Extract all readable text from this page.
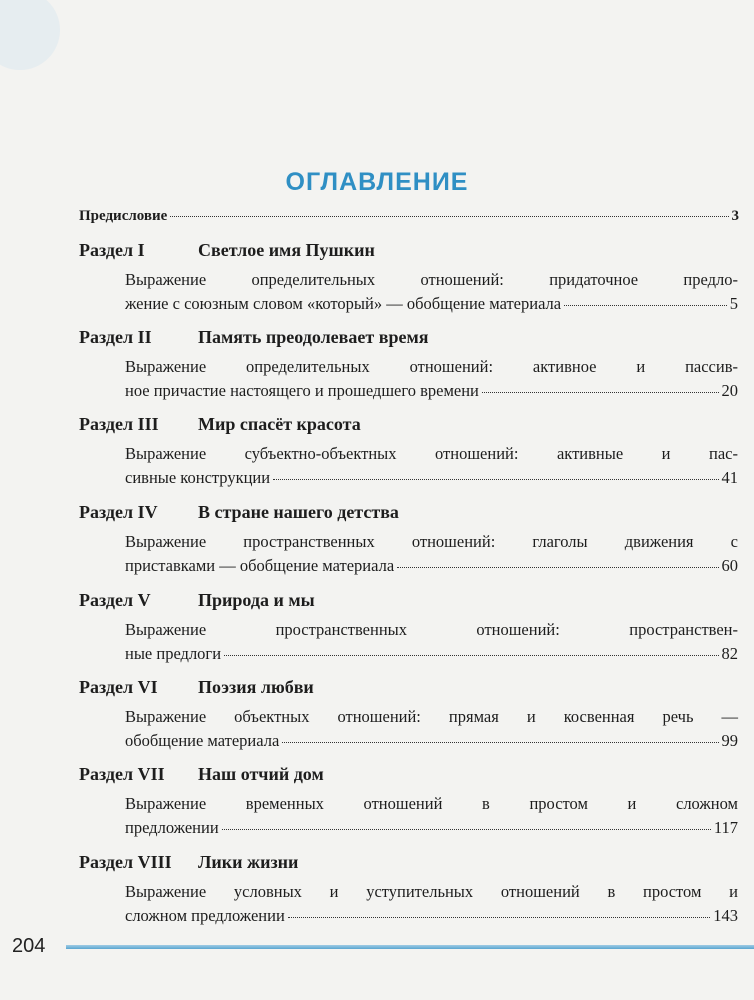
ОГЛАВЛЕНИЕ
Предисловие	3
Раздел I	Светлое имя Пушкин
Выражение определительных отношений: придаточное предло-
жение с союзным словом «который» — обобщение материала	5
Раздел II	Память преодолевает время
Выражение определительных отношений: активное и пассив-
ное причастие настоящего и прошедшего времени	20
Раздел III Мир спасёт красота
Выражение субъектно-объектных отношений: активные и пас-
сивные конструкции	41
Раздел IV В стране нашего детства
Выражение пространственных отношений: глаголы движения с
приставками — обобщение материала	60
Раздел V	Природа и мы
Выражение пространственных отношений: пространствен-
ные предлоги	82
Раздел VI Поэзия любви
Выражение объектных отношений: прямая и косвенная речь —
обобщение материала	99
Раздел VII Наш отчий дом
Выражение временных отношений в простом и сложном
предложении	117
Раздел VIII Лики жизни
Выражение условных и уступительных отношений в простом и
сложном предложении	143
204
